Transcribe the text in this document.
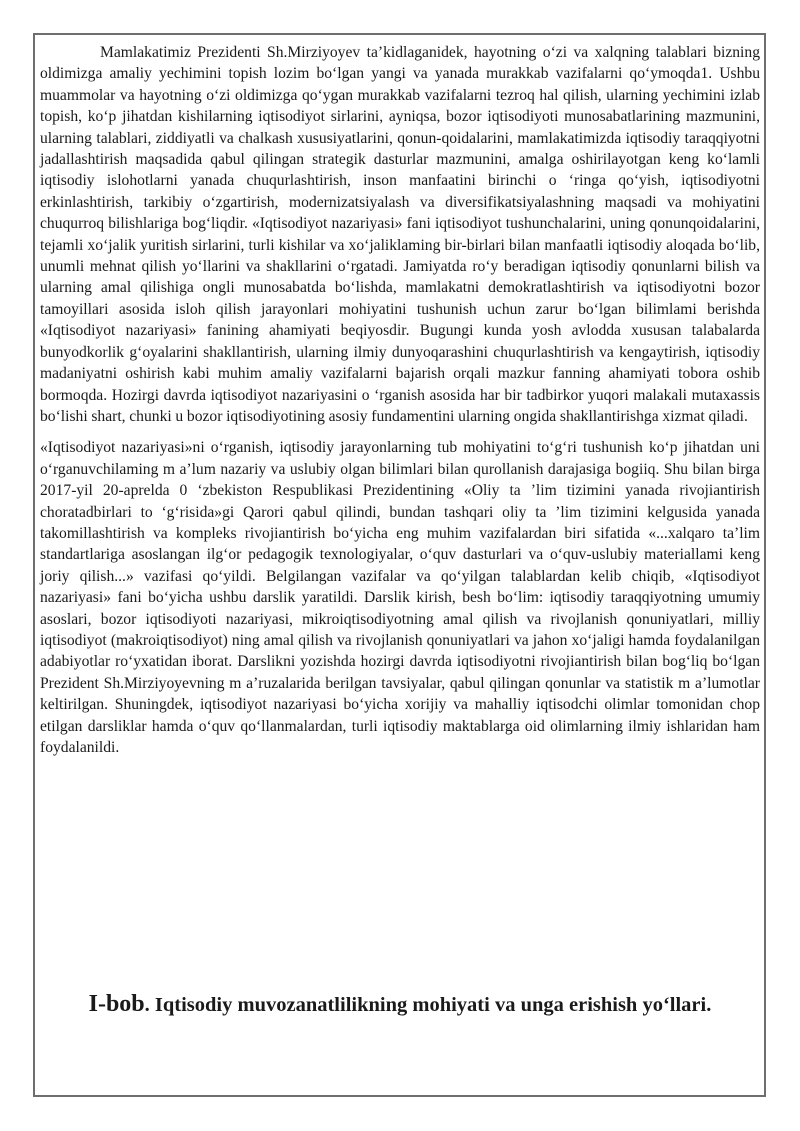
Mamlakatimiz Prezidenti Sh.Mirziyoyev ta’kidlaganidek, hayotning o‘zi va xalqning talablari bizning oldimizga amaliy yechimini topish lozim bo‘lgan yangi va yanada murakkab vazifalarni qo‘ymoqda1. Ushbu muammolar va hayotning o‘zi oldimizga qo‘ygan murakkab vazifalarni tezroq hal qilish, ularning yechimini izlab topish, ko‘p jihatdan kishilarning iqtisodiyot sirlarini, ayniqsa, bozor iqtisodiyoti munosabatlarining mazmunini, ularning talablari, ziddiyatli va chalkash xususiyatlarini, qonun-qoidalarini, mamlakatimizda iqtisodiy taraqqiyotni jadallashtirish maqsadida qabul qilingan strategik dasturlar mazmunini, amalga oshirilayotgan keng ko‘lamli iqtisodiy islohotlarni yanada chuqurlashtirish, inson manfaatini birinchi o ‘ringa qo‘yish, iqtisodiyotni erkinlashtirish, tarkibiy o‘zgartirish, modernizatsiyalash va diversifikatsiyalashning maqsadi va mohiyatini chuqurroq bilishlariga bog‘liqdir. «Iqtisodiyot nazariyasi» fani iqtisodiyot tushunchalarini, uning qonunqoidalarini, tejamli xo‘jalik yuritish sirlarini, turli kishilar va xo‘jaliklaming bir-birlari bilan manfaatli iqtisodiy aloqada bo‘lib, unumli mehnat qilish yo‘llarini va shakllarini o‘rgatadi. Jamiyatda ro‘y beradigan iqtisodiy qonunlarni bilish va ularning amal qilishiga ongli munosabatda bo‘lishda, mamlakatni demokratlashtirish va iqtisodiyotni bozor tamoyillari asosida isloh qilish jarayonlari mohiyatini tushunish uchun zarur bo‘lgan bilimlami berishda «Iqtisodiyot nazariyasi» fanining ahamiyati beqiyosdir. Bugungi kunda yosh avlodda xususan talabalarda bunyodkorlik g‘oyalarini shakllantirish, ularning ilmiy dunyoqarashini chuqurlashtirish va kengaytirish, iqtisodiy madaniyatni oshirish kabi muhim amaliy vazifalarni bajarish orqali mazkur fanning ahamiyati tobora oshib bormoqda. Hozirgi davrda iqtisodiyot nazariyasini o ‘rganish asosida har bir tadbirkor yuqori malakali mutaxassis bo‘lishi shart, chunki u bozor iqtisodiyotining asosiy fundamentini ularning ongida shakllantirishga xizmat qiladi.

«Iqtisodiyot nazariyasi»ni o‘rganish, iqtisodiy jarayonlarning tub mohiyatini to‘g‘ri tushunish ko‘p jihatdan uni o‘rganuvchilaming m a’lum nazariy va uslubiy olgan bilimlari bilan qurollanish darajasiga bogiiq. Shu bilan birga 2017-yil 20-aprelda 0 ‘zbekiston Respublikasi Prezidentining «Oliy ta ’lim tizimini yanada rivojiantirish choratadbirlari to ‘g‘risida»gi Qarori qabul qilindi, bundan tashqari oliy ta ’lim tizimini kelgusida yanada takomillashtirish va kompleks rivojiantirish bo‘yicha eng muhim vazifalardan biri sifatida «...xalqaro ta’lim standartlariga asoslangan ilg‘or pedagogik texnologiyalar, o‘quv dasturlari va o‘quv-uslubiy materiallami keng joriy qilish...» vazifasi qo‘yildi. Belgilangan vazifalar va qo‘yilgan talablardan kelib chiqib, «Iqtisodiyot nazariyasi» fani bo‘yicha ushbu darslik yaratildi. Darslik kirish, besh bo‘lim: iqtisodiy taraqqiyotning umumiy asoslari, bozor iqtisodiyoti nazariyasi, mikroiqtisodiyotning amal qilish va rivojlanish qonuniyatlari, milliy iqtisodiyot (makroiqtisodiyot) ning amal qilish va rivojlanish qonuniyatlari va jahon xo‘jaligi hamda foydalanilgan adabiyotlar ro‘yxatidan iborat. Darslikni yozishda hozirgi davrda iqtisodiyotni rivojiantirish bilan bog‘liq bo‘lgan Prezident Sh.Mirziyoyevning m a’ruzalarida berilgan tavsiyalar, qabul qilingan qonunlar va statistik m a’lumotlar keltirilgan. Shuningdek, iqtisodiyot nazariyasi bo‘yicha xorijiy va mahalliy iqtisodchi olimlar tomonidan chop etilgan darsliklar hamda o‘quv qo‘llanmalardan, turli iqtisodiy maktablarga oid olimlarning ilmiy ishlaridan ham foydalanildi.

I-bob. Iqtisodiy muvozanatlilikning mohiyati va unga erishish yo‘llari.
